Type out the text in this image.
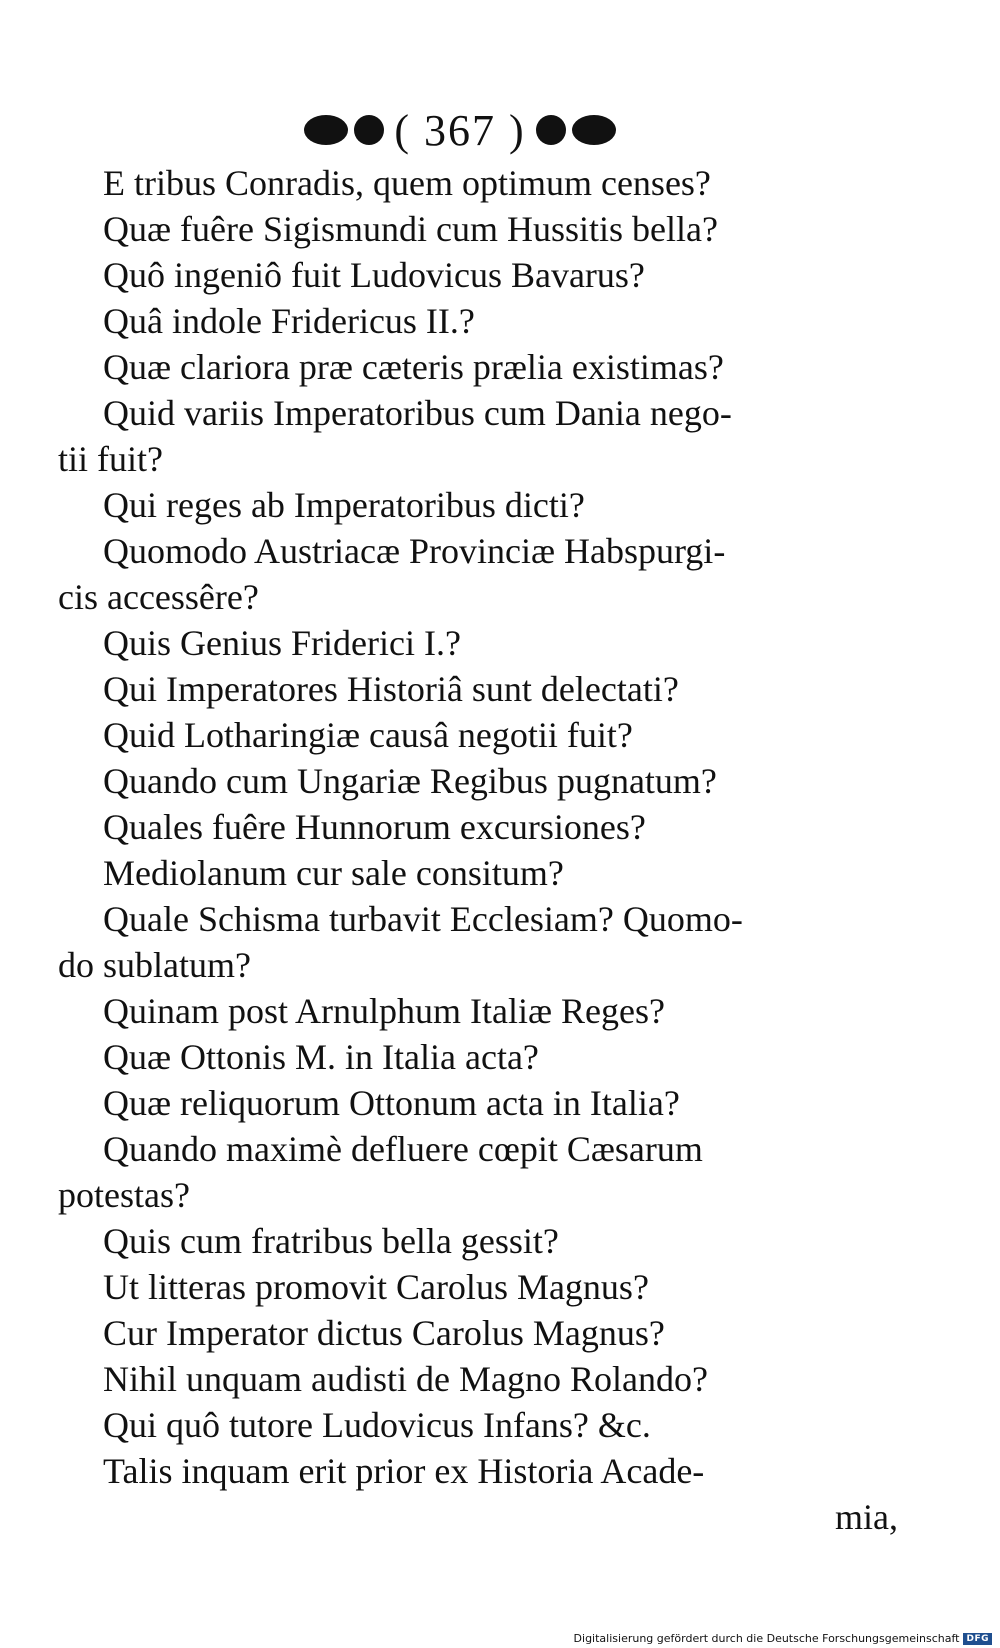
( 367 )
E tribus Conradis, quem optimum censes?
Quæ fuêre Sigismundi cum Hussitis bella?
Quô ingeniô fuit Ludovicus Bavarus?
Quâ indole Fridericus II.?
Quæ clariora præ cæteris prælia existimas?
Quid variis Imperatoribus cum Dania nego-
tii fuit?
Qui reges ab Imperatoribus dicti?
Quomodo Austriacæ Provinciæ Habspurgi-
cis accessêre?
Quis Genius Friderici I.?
Qui Imperatores Historiâ sunt delectati?
Quid Lotharingiæ causâ negotii fuit?
Quando cum Ungariæ Regibus pugnatum?
Quales fuêre Hunnorum excursiones?
Mediolanum cur sale consitum?
Quale Schisma turbavit Ecclesiam? Quomo-
do sublatum?
Quinam post Arnulphum Italiæ Reges?
Quæ Ottonis M. in Italia acta?
Quæ reliquorum Ottonum acta in Italia?
Quando maximè defluere cœpit Cæsarum
potestas?
Quis cum fratribus bella gessit?
Ut litteras promovit Carolus Magnus?
Cur Imperator dictus Carolus Magnus?
Nihil unquam audisti de Magno Rolando?
Qui quô tutore Ludovicus Infans? &c.
Talis inquam erit prior ex Historia Acade-
mia,
Digitalisierung gefördert durch die Deutsche Forschungsgemeinschaft DFG
